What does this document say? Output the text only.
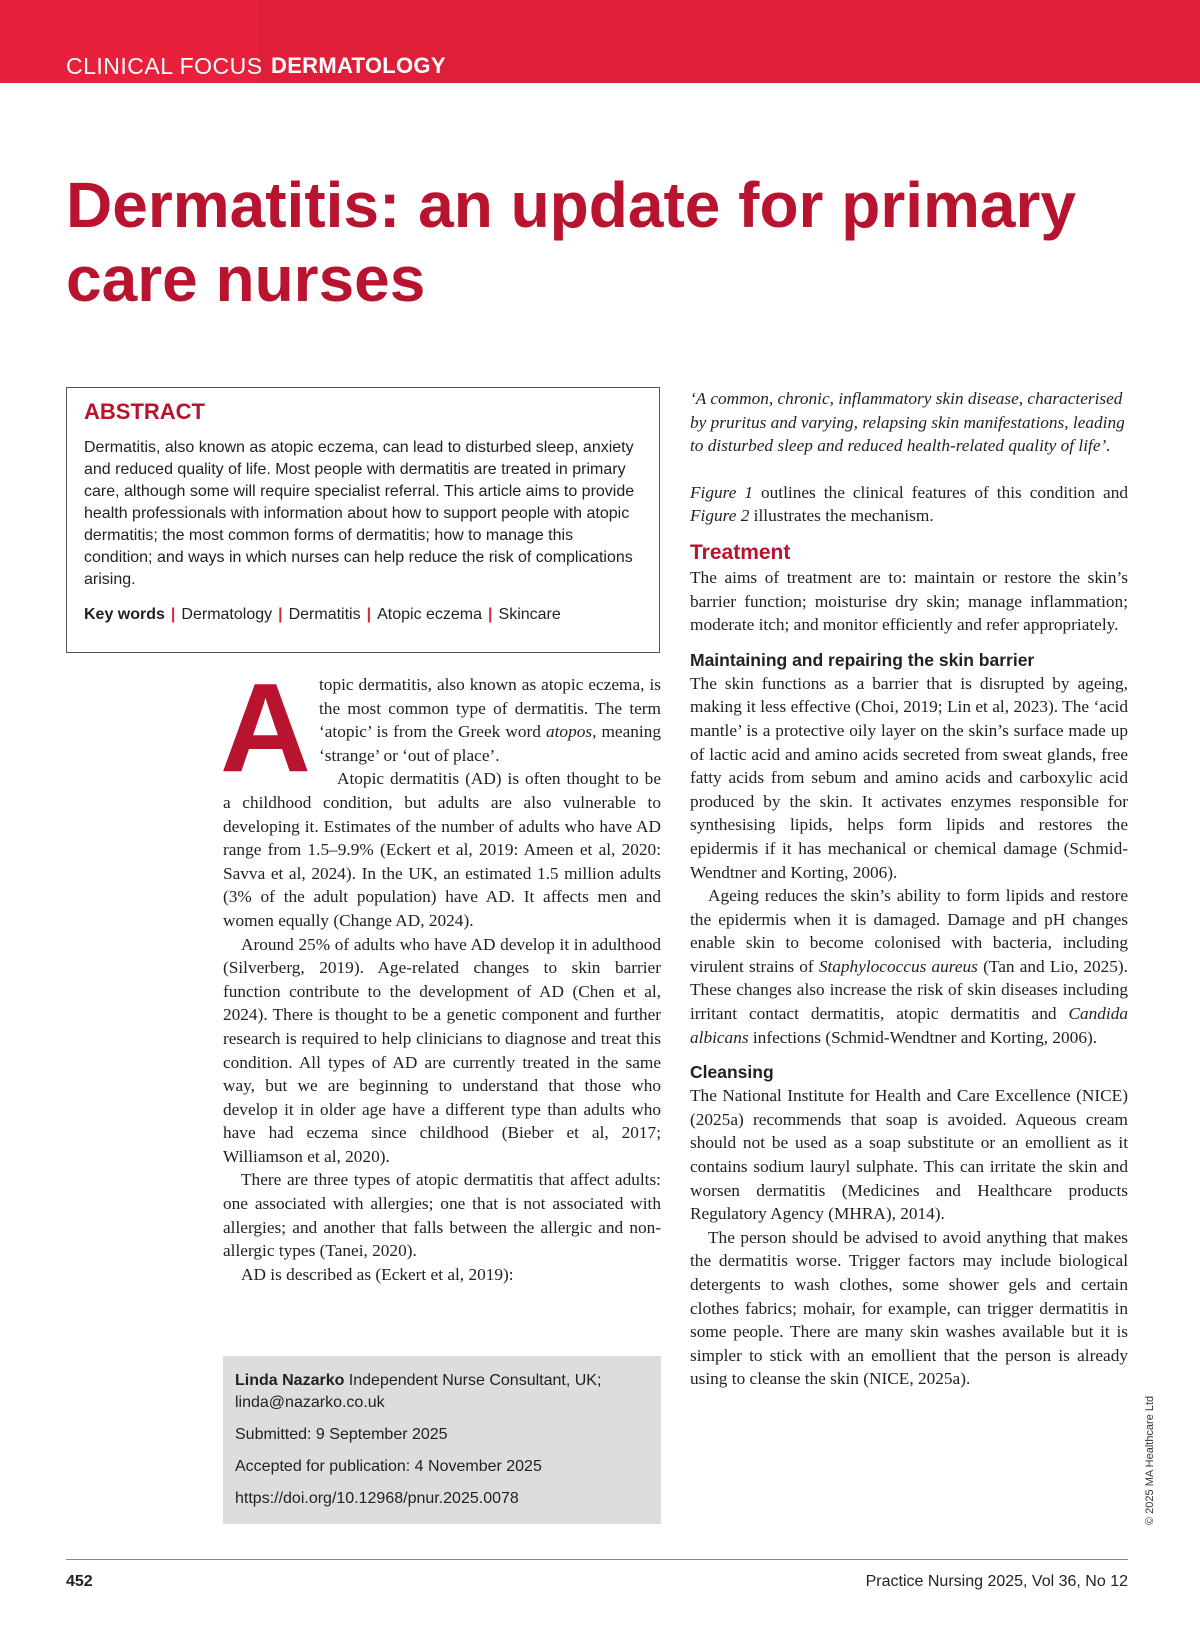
CLINICAL FOCUS DERMATOLOGY
Dermatitis: an update for primary care nurses
ABSTRACT

Dermatitis, also known as atopic eczema, can lead to disturbed sleep, anxiety and reduced quality of life. Most people with dermatitis are treated in primary care, although some will require specialist referral. This article aims to provide health professionals with information about how to support people with atopic dermatitis; the most common forms of dermatitis; how to manage this condition; and ways in which nurses can help reduce the risk of complications arising.

Key words | Dermatology | Dermatitis | Atopic eczema | Skincare

Atopic dermatitis, also known as atopic eczema, is the most common type of dermatitis. The term ‘atopic’ is from the Greek word atopos, meaning ‘strange’ or ‘out of place’.

Atopic dermatitis (AD) is often thought to be a childhood condition, but adults are also vulnerable to developing it. Estimates of the number of adults who have AD range from 1.5–9.9% (Eckert et al, 2019: Ameen et al, 2020: Savva et al, 2024). In the UK, an estimated 1.5 million adults (3% of the adult population) have AD. It affects men and women equally (Change AD, 2024).

Around 25% of adults who have AD develop it in adulthood (Silverberg, 2019). Age-related changes to skin barrier function contribute to the development of AD (Chen et al, 2024). There is thought to be a genetic component and further research is required to help clinicians to diagnose and treat this condition. All types of AD are currently treated in the same way, but we are beginning to understand that those who develop it in older age have a different type than adults who have had eczema since childhood (Bieber et al, 2017; Williamson et al, 2020).

There are three types of atopic dermatitis that affect adults: one associated with allergies; one that is not associated with allergies; and another that falls between the allergic and non-allergic types (Tanei, 2020).

AD is described as (Eckert et al, 2019):

‘A common, chronic, inflammatory skin disease, characterised by pruritus and varying, relapsing skin manifestations, leading to disturbed sleep and reduced health-related quality of life’.

Figure 1 outlines the clinical features of this condition and Figure 2 illustrates the mechanism.

Treatment

The aims of treatment are to: maintain or restore the skin’s barrier function; moisturise dry skin; manage inflammation; moderate itch; and monitor efficiently and refer appropriately.

Maintaining and repairing the skin barrier

The skin functions as a barrier that is disrupted by ageing, making it less effective (Choi, 2019; Lin et al, 2023). The ‘acid mantle’ is a protective oily layer on the skin’s surface made up of lactic acid and amino acids secreted from sweat glands, free fatty acids from sebum and amino acids and carboxylic acid produced by the skin. It activates enzymes responsible for synthesising lipids, helps form lipids and restores the epidermis if it has mechanical or chemical damage (Schmid-Wendtner and Korting, 2006).

Ageing reduces the skin’s ability to form lipids and restore the epidermis when it is damaged. Damage and pH changes enable skin to become colonised with bacteria, including virulent strains of Staphylococcus aureus (Tan and Lio, 2025). These changes also increase the risk of skin diseases including irritant contact dermatitis, atopic dermatitis and Candida albicans infections (Schmid-Wendtner and Korting, 2006).

Cleansing

The National Institute for Health and Care Excellence (NICE) (2025a) recommends that soap is avoided. Aqueous cream should not be used as a soap substitute or an emollient as it contains sodium lauryl sulphate. This can irritate the skin and worsen dermatitis (Medicines and Healthcare products Regulatory Agency (MHRA), 2014).

The person should be advised to avoid anything that makes the dermatitis worse. Trigger factors may include biological detergents to wash clothes, some shower gels and certain clothes fabrics; mohair, for example, can trigger dermatitis in some people. There are many skin washes available but it is simpler to stick with an emollient that the person is already using to cleanse the skin (NICE, 2025a).

Linda Nazarko Independent Nurse Consultant, UK;
linda@nazarko.co.uk
Submitted: 9 September 2025
Accepted for publication: 4 November 2025
https://doi.org/10.12968/pnur.2025.0078	© 2025 MA Healthcare Ltd
452	Practice Nursing 2025, Vol 36, No 12
